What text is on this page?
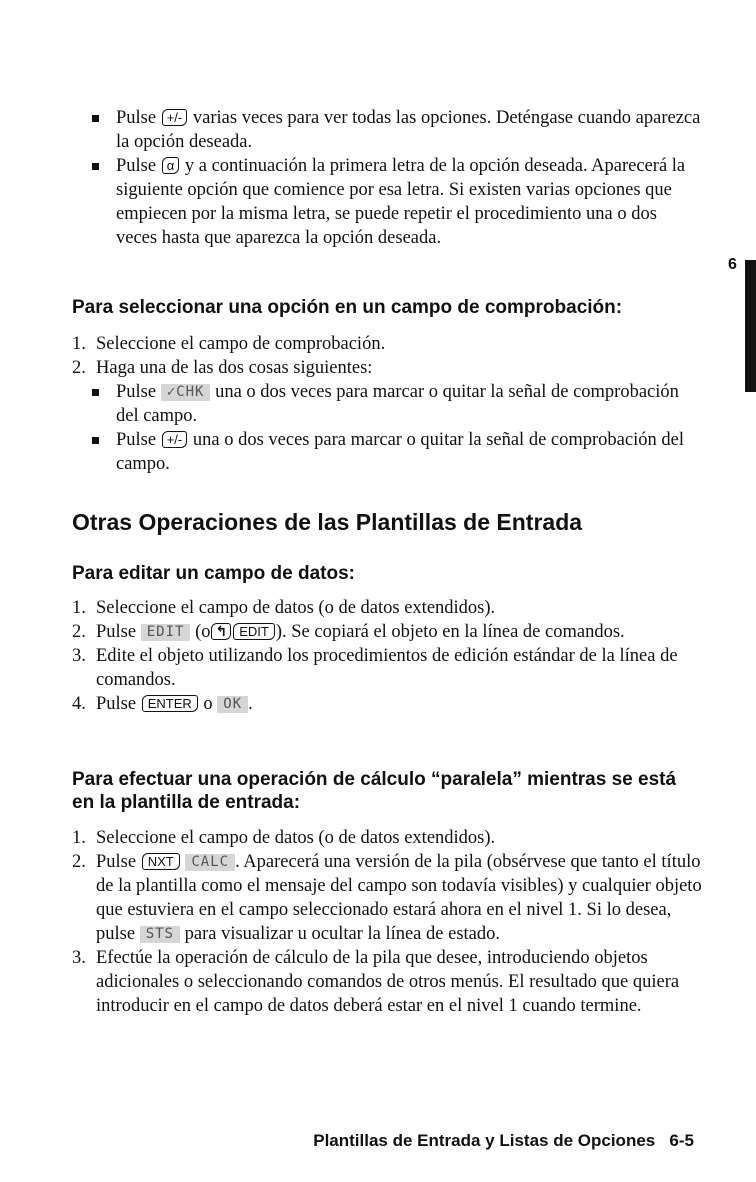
6
Pulse +/- varias veces para ver todas las opciones. Deténgase cuando aparezca la opción deseada.
Pulse α y a continuación la primera letra de la opción deseada. Aparecerá la siguiente opción que comience por esa letra. Si existen varias opciones que empiecen por la misma letra, se puede repetir el procedimiento una o dos veces hasta que aparezca la opción deseada.
Para seleccionar una opción en un campo de comprobación:
1. Seleccione el campo de comprobación.
2. Haga una de las dos cosas siguientes:
Pulse ✓CHK una o dos veces para marcar o quitar la señal de comprobación del campo.
Pulse +/- una o dos veces para marcar o quitar la señal de comprobación del campo.
Otras Operaciones de las Plantillas de Entrada
Para editar un campo de datos:
1. Seleccione el campo de datos (o de datos extendidos).
2. Pulse EDIT (o ↰ EDIT ). Se copiará el objeto en la línea de comandos.
3. Edite el objeto utilizando los procedimientos de edición estándar de la línea de comandos.
4. Pulse ENTER o OK .
Para efectuar una operación de cálculo “paralela” mientras se está
en la plantilla de entrada:
1. Seleccione el campo de datos (o de datos extendidos).
2. Pulse NXT CALC . Aparecerá una versión de la pila (obsérvese que tanto el título de la plantilla como el mensaje del campo son todavía visibles) y cualquier objeto que estuviera en el campo seleccionado estará ahora en el nivel 1. Si lo desea, pulse STS para visualizar u ocultar la línea de estado.
3. Efectúe la operación de cálculo de la pila que desee, introduciendo objetos adicionales o seleccionando comandos de otros menús. El resultado que quiera introducir en el campo de datos deberá estar en el nivel 1 cuando termine.
Plantillas de Entrada y Listas de Opciones 6-5
